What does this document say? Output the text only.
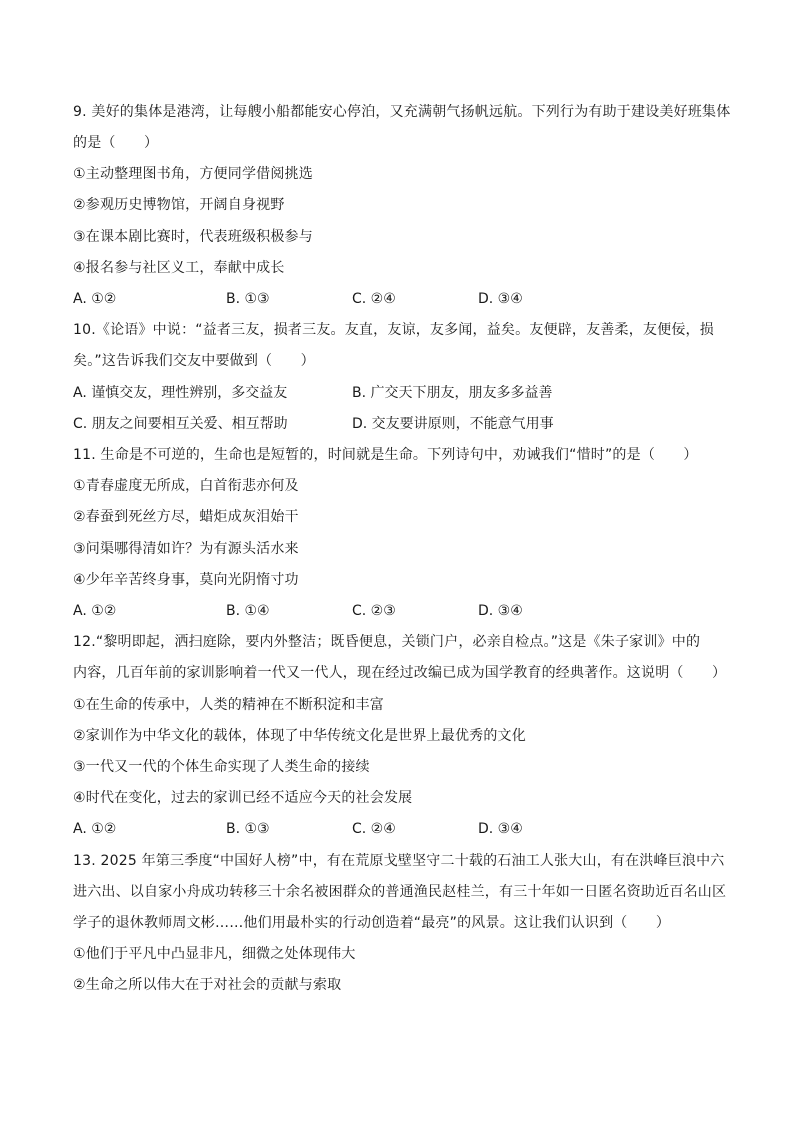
9. 美好的集体是港湾，让每艘小船都能安心停泊，又充满朝气扬帆远航。下列行为有助于建设美好班集体
的是（　　）
①主动整理图书角，方便同学借阅挑选
②参观历史博物馆，开阔自身视野
③在课本剧比赛时，代表班级积极参与
④报名参与社区义工，奉献中成长
A. ①②	B. ①③	C. ②④	D. ③④
10.《论语》中说：“益者三友，损者三友。友直，友谅，友多闻，益矣。友便辟，友善柔，友便佞，损
矣。”这告诉我们交友中要做到（　　）
A. 谨慎交友，理性辨别，多交益友	B. 广交天下朋友，朋友多多益善
C. 朋友之间要相互关爱、相互帮助	D. 交友要讲原则，不能意气用事
11. 生命是不可逆的，生命也是短暂的，时间就是生命。下列诗句中，劝诫我们“惜时”的是（　　）
①青春虚度无所成，白首衔悲亦何及
②春蚕到死丝方尽，蜡炬成灰泪始干
③问渠哪得清如许？为有源头活水来
④少年辛苦终身事，莫向光阴惰寸功
A. ①②	B. ①④	C. ②③	D. ③④
12.“黎明即起，洒扫庭除，要内外整洁；既昏便息，关锁门户，必亲自检点。”这是《朱子家训》中的
内容，几百年前的家训影响着一代又一代人，现在经过改编已成为国学教育的经典著作。这说明（　　）
①在生命的传承中，人类的精神在不断积淀和丰富
②家训作为中华文化的载体，体现了中华传统文化是世界上最优秀的文化
③一代又一代的个体生命实现了人类生命的接续
④时代在变化，过去的家训已经不适应今天的社会发展
A. ①②	B. ①③	C. ②④	D. ③④
13. 2025 年第三季度“中国好人榜”中，有在荒原戈壁坚守二十载的石油工人张大山，有在洪峰巨浪中六
进六出、以自家小舟成功转移三十余名被困群众的普通渔民赵桂兰，有三十年如一日匿名资助近百名山区
学子的退休教师周文彬……他们用最朴实的行动创造着“最亮”的风景。这让我们认识到（　　）
①他们于平凡中凸显非凡，细微之处体现伟大
②生命之所以伟大在于对社会的贡献与索取
